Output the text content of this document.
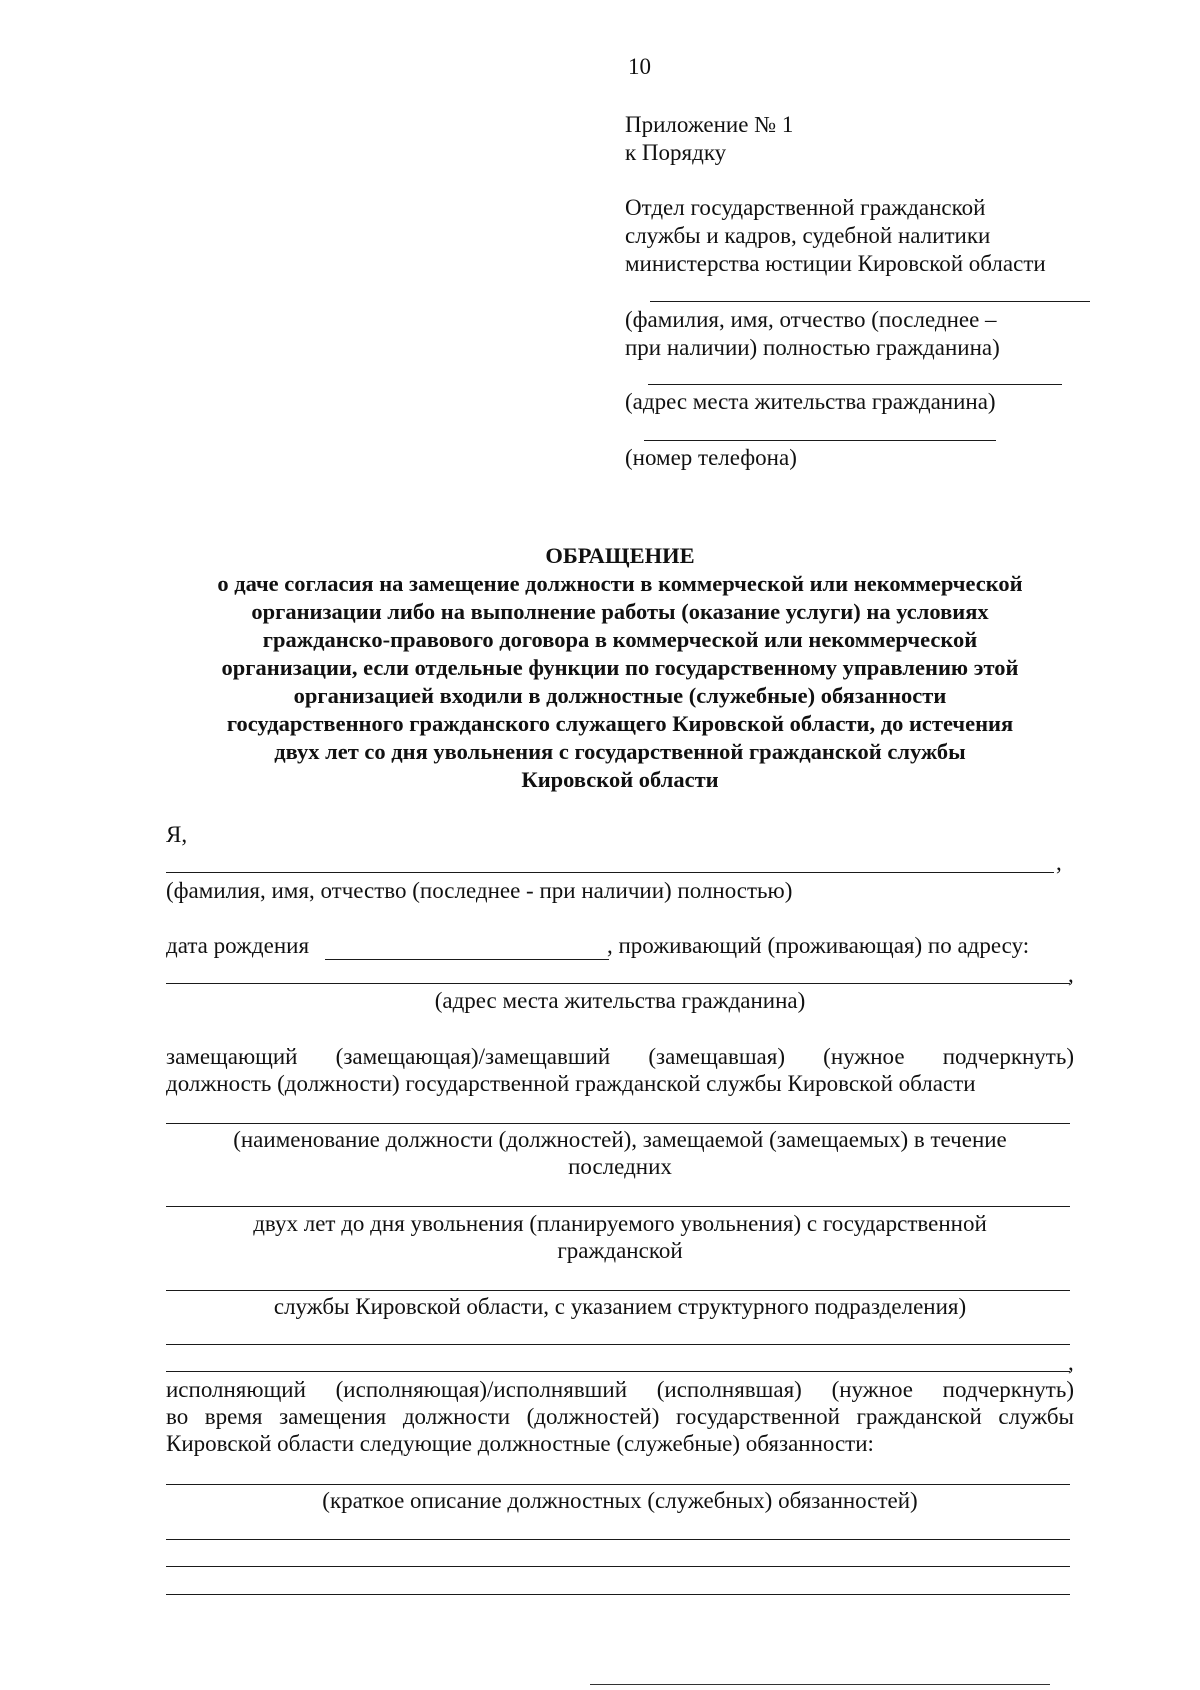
10
Приложение № 1
к Порядку
Отдел государственной гражданской
службы и кадров, судебной налитики
министерства юстиции Кировской области
(фамилия, имя, отчество (последнее –
при наличии) полностью гражданина)
(адрес места жительства гражданина)
(номер телефона)
ОБРАЩЕНИЕ
о даче согласия на замещение должности в коммерческой или некоммерческой
организации либо на выполнение работы (оказание услуги) на условиях
гражданско-правового договора в коммерческой или некоммерческой
организации, если отдельные функции по государственному управлению этой
организацией входили в должностные (служебные) обязанности
государственного гражданского служащего Кировской области, до истечения
двух лет со дня увольнения с государственной гражданской службы
Кировской области
Я,
,
(фамилия, имя, отчество (последнее - при наличии) полностью)
дата рождения	, проживающий (проживающая) по адресу:
,
(адрес места жительства гражданина)
замещающий (замещающая)/замещавший (замещавшая) (нужное подчеркнуть)
должность (должности) государственной гражданской службы Кировской области
(наименование должности (должностей), замещаемой (замещаемых) в течение
последних
двух лет до дня увольнения (планируемого увольнения) с государственной
гражданской
службы Кировской области, с указанием структурного подразделения)
,
исполняющий (исполняющая)/исполнявший (исполнявшая) (нужное подчеркнуть)
во время замещения должности (должностей) государственной гражданской службы
Кировской области следующие должностные (служебные) обязанности:
(краткое описание должностных (служебных) обязанностей)
